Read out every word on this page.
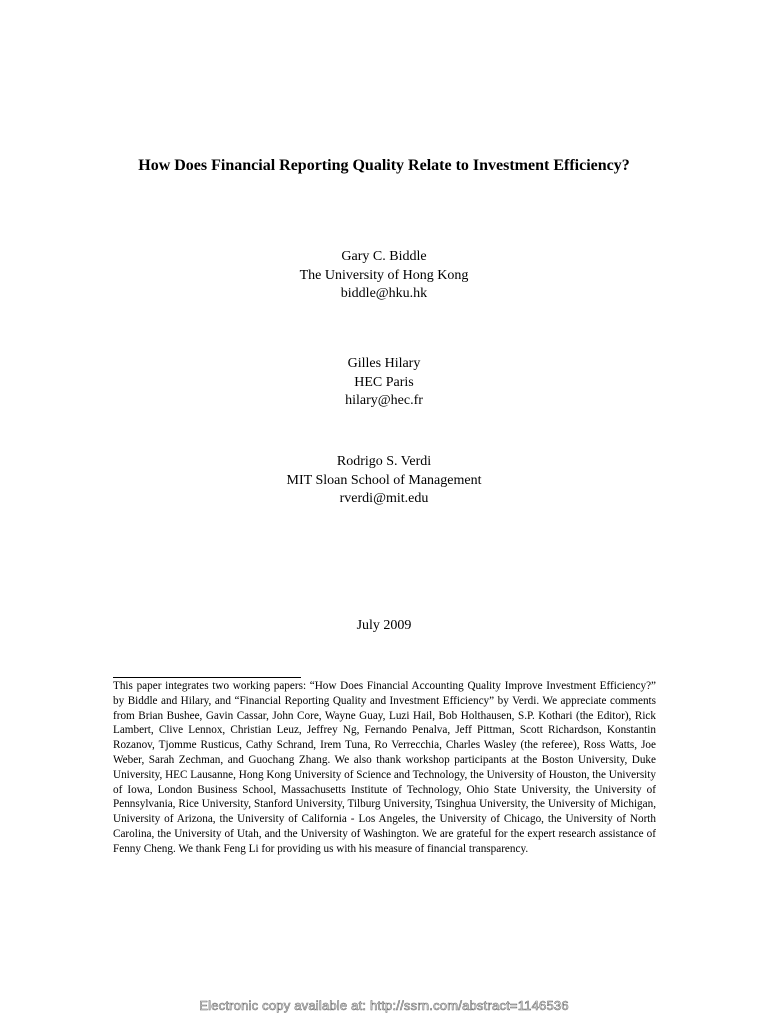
How Does Financial Reporting Quality Relate to Investment Efficiency?
Gary C. Biddle
The University of Hong Kong
biddle@hku.hk
Gilles Hilary
HEC Paris
hilary@hec.fr
Rodrigo S. Verdi
MIT Sloan School of Management
rverdi@mit.edu
July 2009

This paper integrates two working papers: “How Does Financial Accounting Quality Improve Investment Efficiency?” by Biddle and Hilary, and “Financial Reporting Quality and Investment Efficiency” by Verdi. We appreciate comments from Brian Bushee, Gavin Cassar, John Core, Wayne Guay, Luzi Hail, Bob Holthausen, S.P. Kothari (the Editor), Rick Lambert, Clive Lennox, Christian Leuz, Jeffrey Ng, Fernando Penalva, Jeff Pittman, Scott Richardson, Konstantin Rozanov, Tjomme Rusticus, Cathy Schrand, Irem Tuna, Ro Verrecchia, Charles Wasley (the referee), Ross Watts, Joe Weber, Sarah Zechman, and Guochang Zhang. We also thank workshop participants at the Boston University, Duke University, HEC Lausanne, Hong Kong University of Science and Technology, the University of Houston, the University of Iowa, London Business School, Massachusetts Institute of Technology, Ohio State University, the University of Pennsylvania, Rice University, Stanford University, Tilburg University, Tsinghua University, the University of Michigan, University of Arizona, the University of California - Los Angeles, the University of Chicago, the University of North Carolina, the University of Utah, and the University of Washington. We are grateful for the expert research assistance of Fenny Cheng. We thank Feng Li for providing us with his measure of financial transparency.

Electronic copy available at: http://ssrn.com/abstract=1146536
